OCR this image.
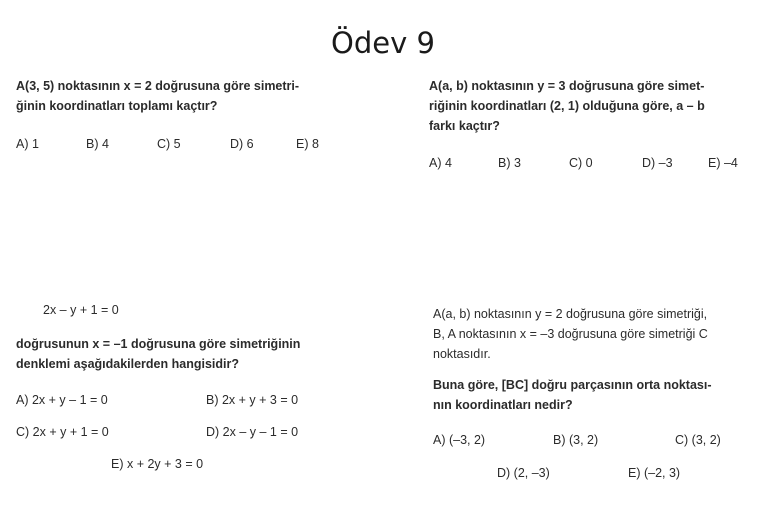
Ödev 9
A(3, 5) noktasının x = 2 doğrusuna göre simetri-
ğinin koordinatları toplamı kaçtır?
A) 1	B) 4	C) 5	D) 6	E) 8
A(a, b) noktasının y = 3 doğrusuna göre simet-
riğinin koordinatları (2, 1) olduğuna göre, a – b
farkı kaçtır?
A) 4	B) 3	C) 0	D) –3	E) –4
2x – y + 1 = 0
doğrusunun x = –1 doğrusuna göre simetriğinin
denklemi aşağıdakilerden hangisidir?
A) 2x + y – 1 = 0	B) 2x + y + 3 = 0
C) 2x + y + 1 = 0	D) 2x – y – 1 = 0
E) x + 2y + 3 = 0
A(a, b) noktasının y = 2 doğrusuna göre simetriği,
B, A noktasının x = –3 doğrusuna göre simetriği C
noktasıdır.
Buna göre, [BC] doğru parçasının orta noktası-
nın koordinatları nedir?
A) (–3, 2)	B) (3, 2)	C) (3, 2)
D) (2, –3)	E) (–2, 3)
